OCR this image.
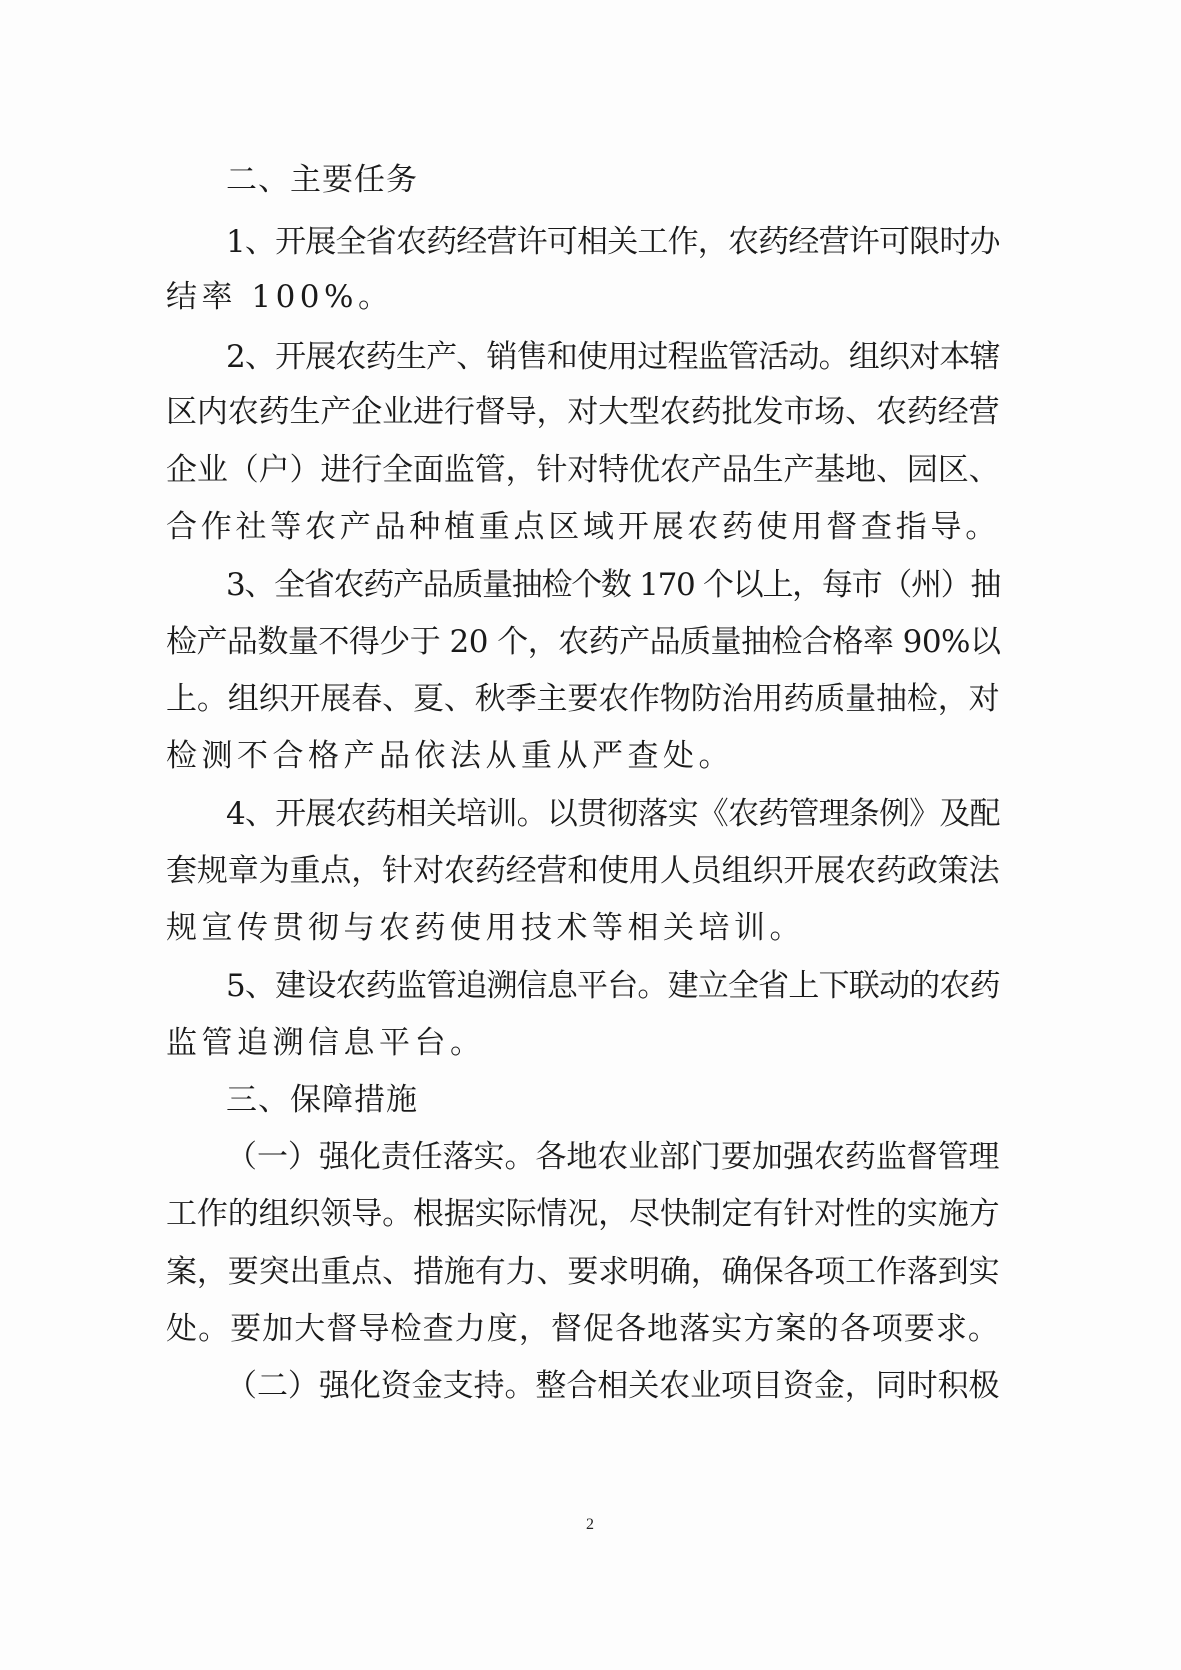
二、主要任务
1、开展全省农药经营许可相关工作，农药经营许可限时办
结率 100%。
2、开展农药生产、销售和使用过程监管活动。组织对本辖
区内农药生产企业进行督导，对大型农药批发市场、农药经营
企业（户）进行全面监管，针对特优农产品生产基地、园区、
合作社等农产品种植重点区域开展农药使用督查指导。
3、全省农药产品质量抽检个数 170 个以上，每市（州）抽
检产品数量不得少于 20 个，农药产品质量抽检合格率 90%以
上。组织开展春、夏、秋季主要农作物防治用药质量抽检，对
检测不合格产品依法从重从严查处。
4、开展农药相关培训。以贯彻落实《农药管理条例》及配
套规章为重点，针对农药经营和使用人员组织开展农药政策法
规宣传贯彻与农药使用技术等相关培训。
5、建设农药监管追溯信息平台。建立全省上下联动的农药
监管追溯信息平台。
三、保障措施
（一）强化责任落实。各地农业部门要加强农药监督管理
工作的组织领导。根据实际情况，尽快制定有针对性的实施方
案，要突出重点、措施有力、要求明确，确保各项工作落到实
处。要加大督导检查力度，督促各地落实方案的各项要求。
（二）强化资金支持。整合相关农业项目资金，同时积极
2
